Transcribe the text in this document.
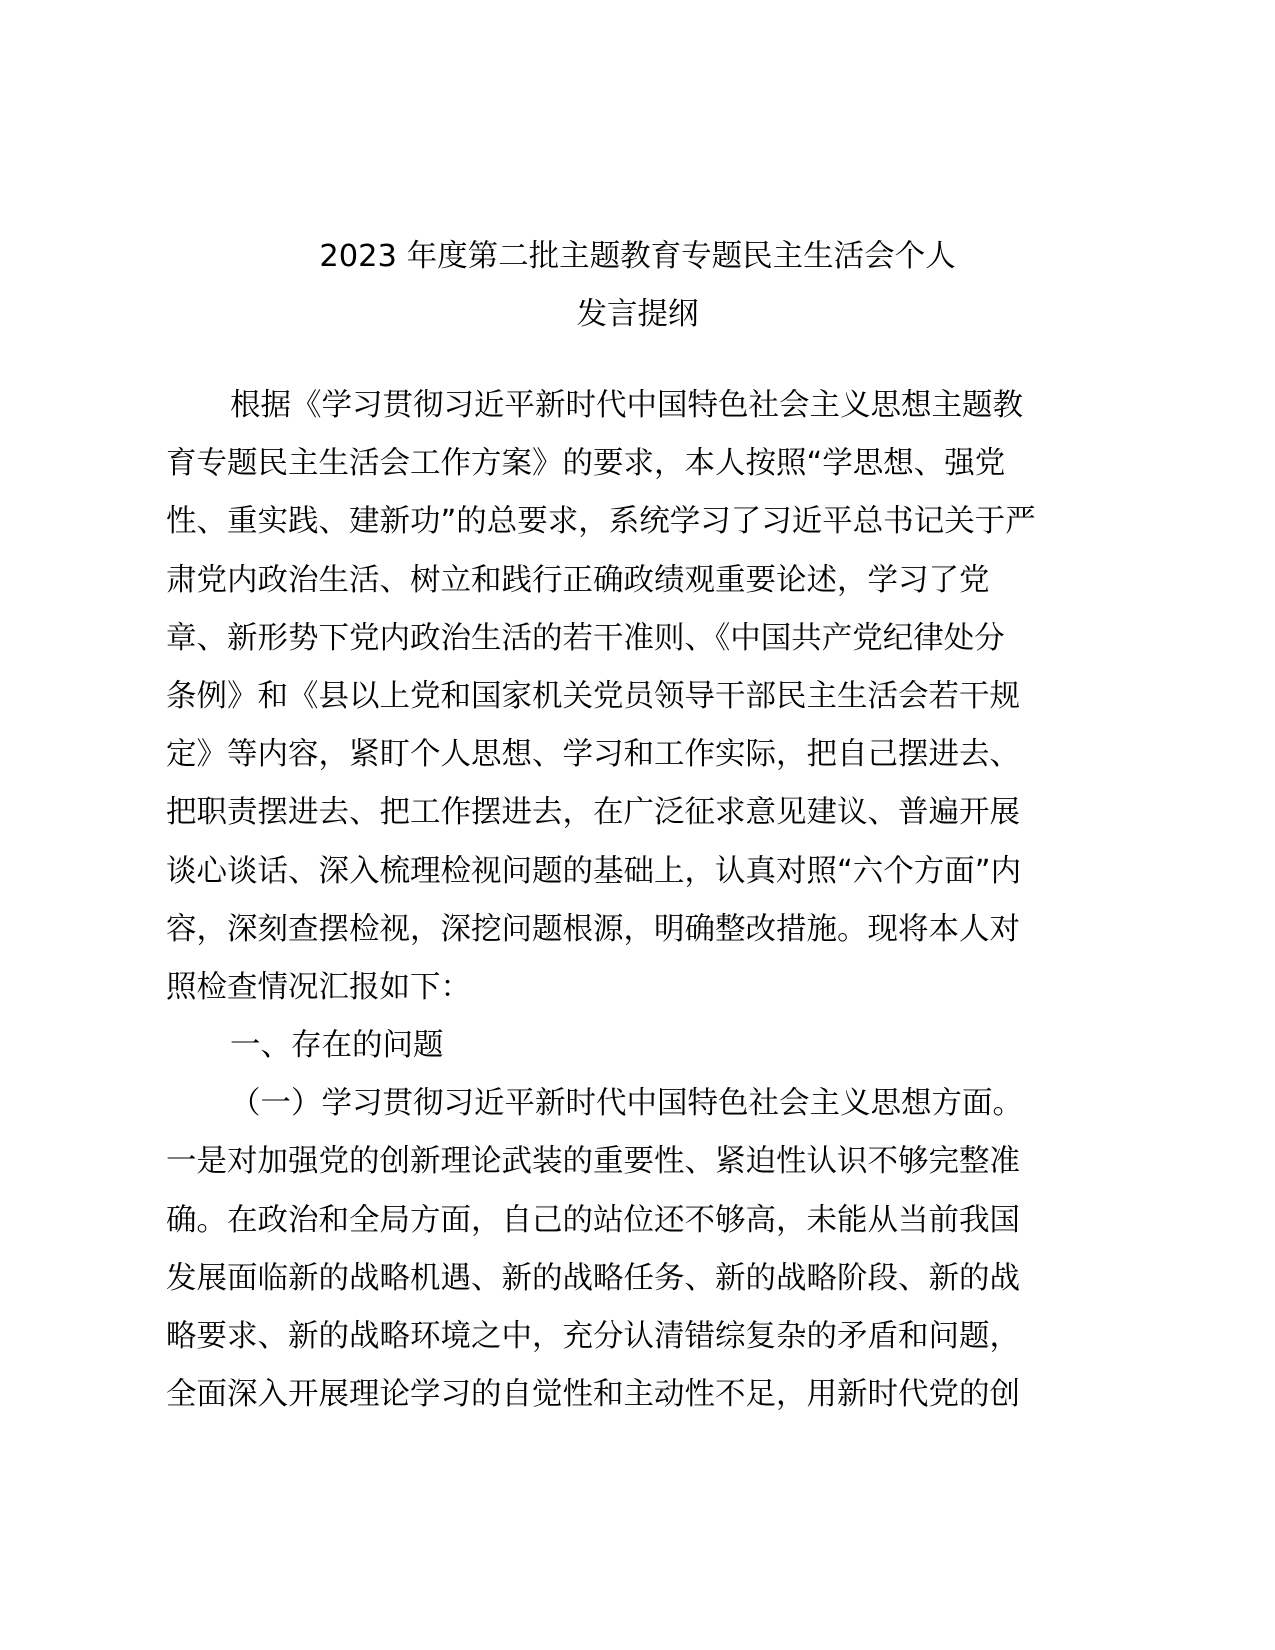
2023 年度第二批主题教育专题民主生活会个人
发言提纲
根据《学习贯彻习近平新时代中国特色社会主义思想主题教
育专题民主生活会工作方案》的要求，本人按照“学思想、强党
性、重实践、建新功”的总要求，系统学习了习近平总书记关于严
肃党内政治生活、树立和践行正确政绩观重要论述，学习了党
章、新形势下党内政治生活的若干准则、《中国共产党纪律处分
条例》和《县以上党和国家机关党员领导干部民主生活会若干规
定》等内容，紧盯个人思想、学习和工作实际，把自己摆进去、
把职责摆进去、把工作摆进去，在广泛征求意见建议、普遍开展
谈心谈话、深入梳理检视问题的基础上，认真对照“六个方面”内
容，深刻查摆检视，深挖问题根源，明确整改措施。现将本人对
照检查情况汇报如下：
一、存在的问题
（一）学习贯彻习近平新时代中国特色社会主义思想方面。
一是对加强党的创新理论武装的重要性、紧迫性认识不够完整准
确。在政治和全局方面，自己的站位还不够高，未能从当前我国
发展面临新的战略机遇、新的战略任务、新的战略阶段、新的战
略要求、新的战略环境之中，充分认清错综复杂的矛盾和问题，
全面深入开展理论学习的自觉性和主动性不足，用新时代党的创
